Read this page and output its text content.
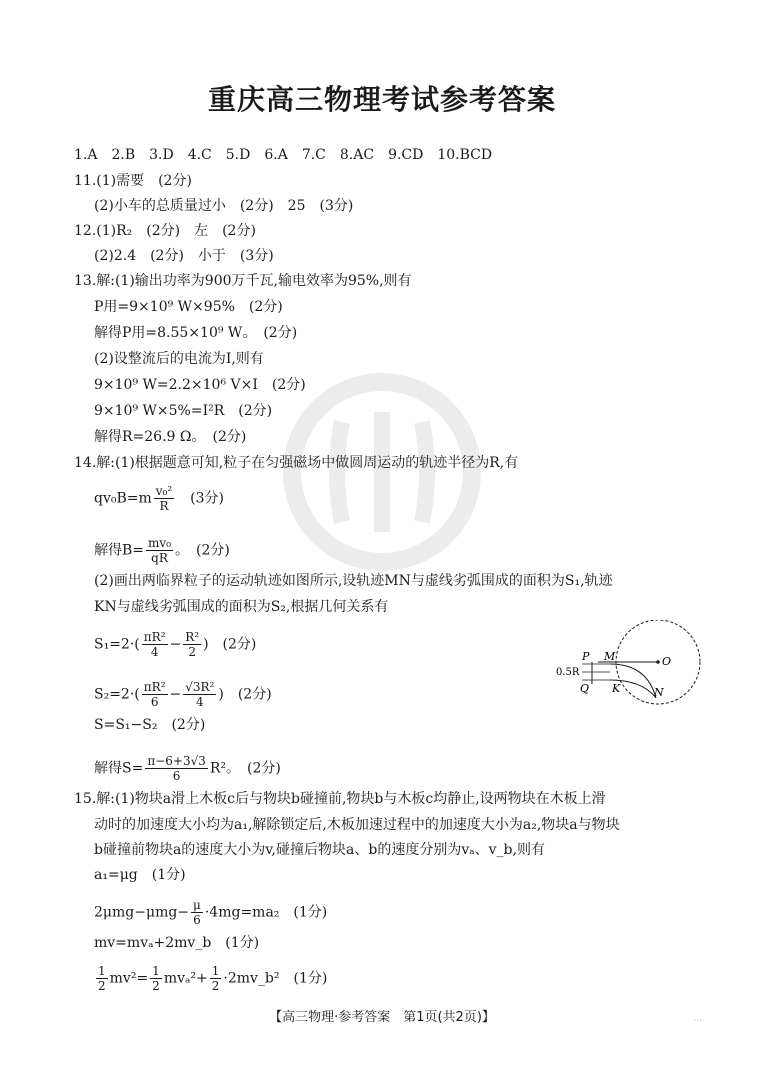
重庆高三物理考试参考答案
1.A　2.B　3.D　4.C　5.D　6.A　7.C　8.AC　9.CD　10.BCD
11.(1)需要　(2分)
(2)小车的总质量过小　(2分)　25　(3分)
12.(1)R₂　(2分)　左　(2分)
(2)2.4　(2分)　小于　(3分)
13.解:(1)输出功率为900万千瓦,输电效率为95%,则有
P用=9×10⁹ W×95%　(2分)
解得P用=8.55×10⁹ W。　(2分)
(2)设整流后的电流为I,则有
9×10⁹ W=2.2×10⁶ V×I　(2分)
9×10⁹ W×5%=I²R　(2分)
解得R=26.9 Ω。　(2分)
14.解:(1)根据题意可知,粒子在匀强磁场中做圆周运动的轨迹半径为R,有
(2)画出两临界粒子的运动轨迹如图所示,设轨迹MN与虚线劣弧围成的面积为S₁,轨迹
KN与虚线劣弧围成的面积为S₂,根据几何关系有
S=S₁−S₂　(2分)
15.解:(1)物块a滑上木板c后与物块b碰撞前,物块b与木板c均静止,设两物块在木板上滑
动时的加速度大小均为a₁,解除锁定后,木板加速过程中的加速度大小为a₂,物块a与物块
b碰撞前物块a的速度大小为v,碰撞后物块a、b的速度分别为vₐ、v_b,则有
a₁=μg　(1分)
mv=mvₐ+2mv_b　(1分)
$qv_0B=m \frac{\text{v₀²}}{R}$ 　(3分)
解得$B= \frac{\text{mv₀}}{qR}$ 。　(2分)
$S_1=2\cdot( \frac{\text{πR²}}{4} - \frac{\text{R²}}{2}$ )　(2分)
$S_2=2\cdot( \frac{\text{πR²}}{6} - \frac{\text{√3R²}}{4}$ )　(2分)
解得$S= \frac{\pi-6+3√3}{6} R^2$。　(2分)
$2\mu mg-\mu mg- \frac{\mu}{6} \cdot 4mg=ma_2$　(1分)
$\frac{1}{2} mv^2= \frac{1}{2} mv_a^2+ \frac{1}{2}$ ·2mv_b²　(1分)
P M	O
0.5R
Q K	N
【高三物理·参考答案　第1页(共2页)】	...
